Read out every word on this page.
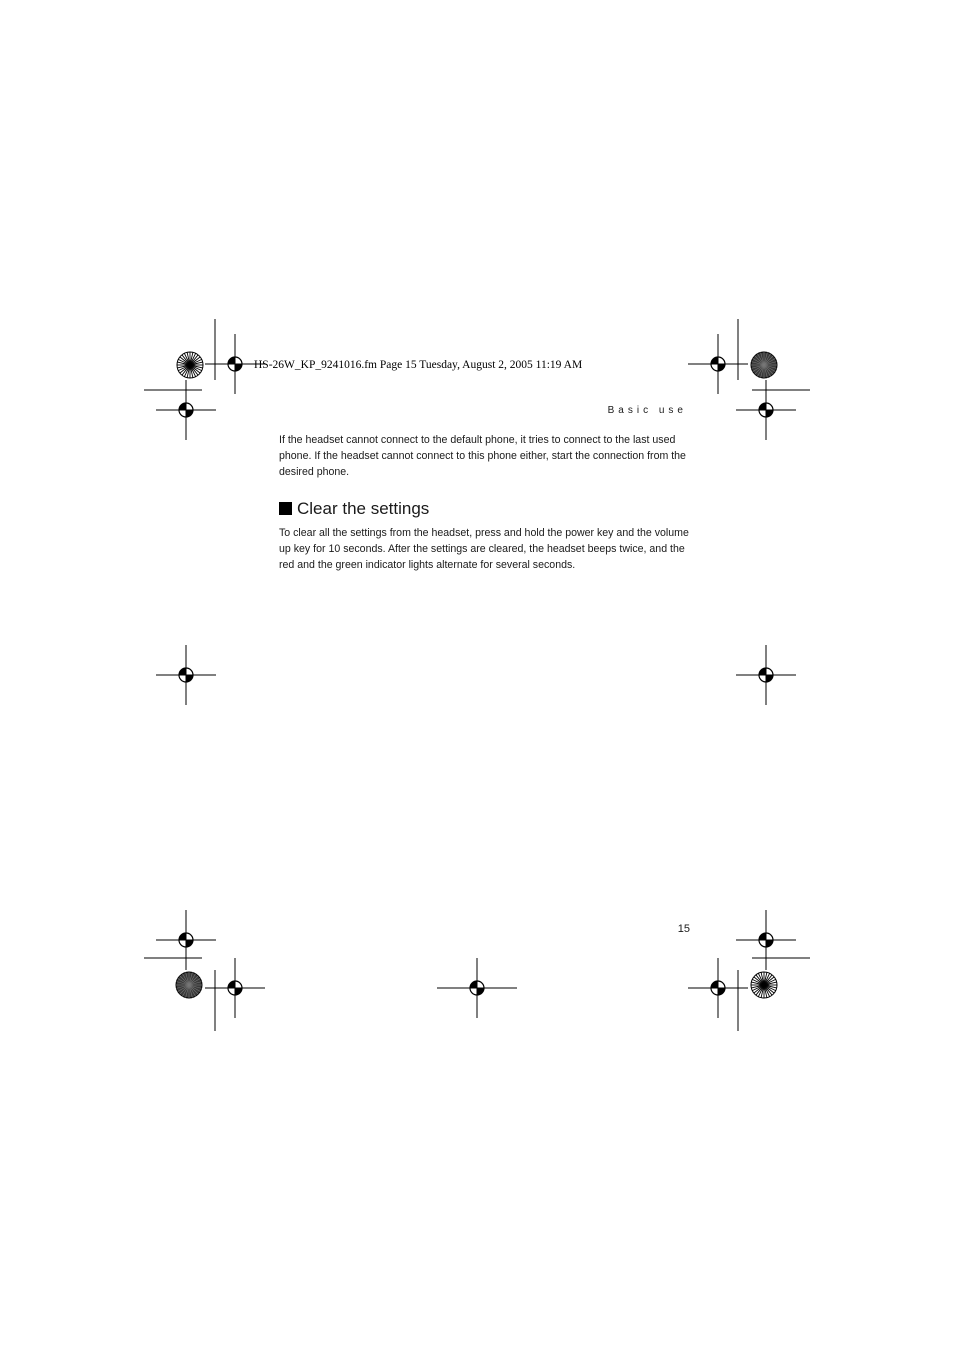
HS-26W_KP_9241016.fm Page 15 Tuesday, August 2, 2005 11:19 AM
Basic use

If the headset cannot connect to the default phone, it tries to connect to the last used phone. If the headset cannot connect to this phone either, start the connection from the desired phone.

Clear the settings

To clear all the settings from the headset, press and hold the power key and the volume up key for 10 seconds. After the settings are cleared, the headset beeps twice, and the red and the green indicator lights alternate for several seconds.

15
